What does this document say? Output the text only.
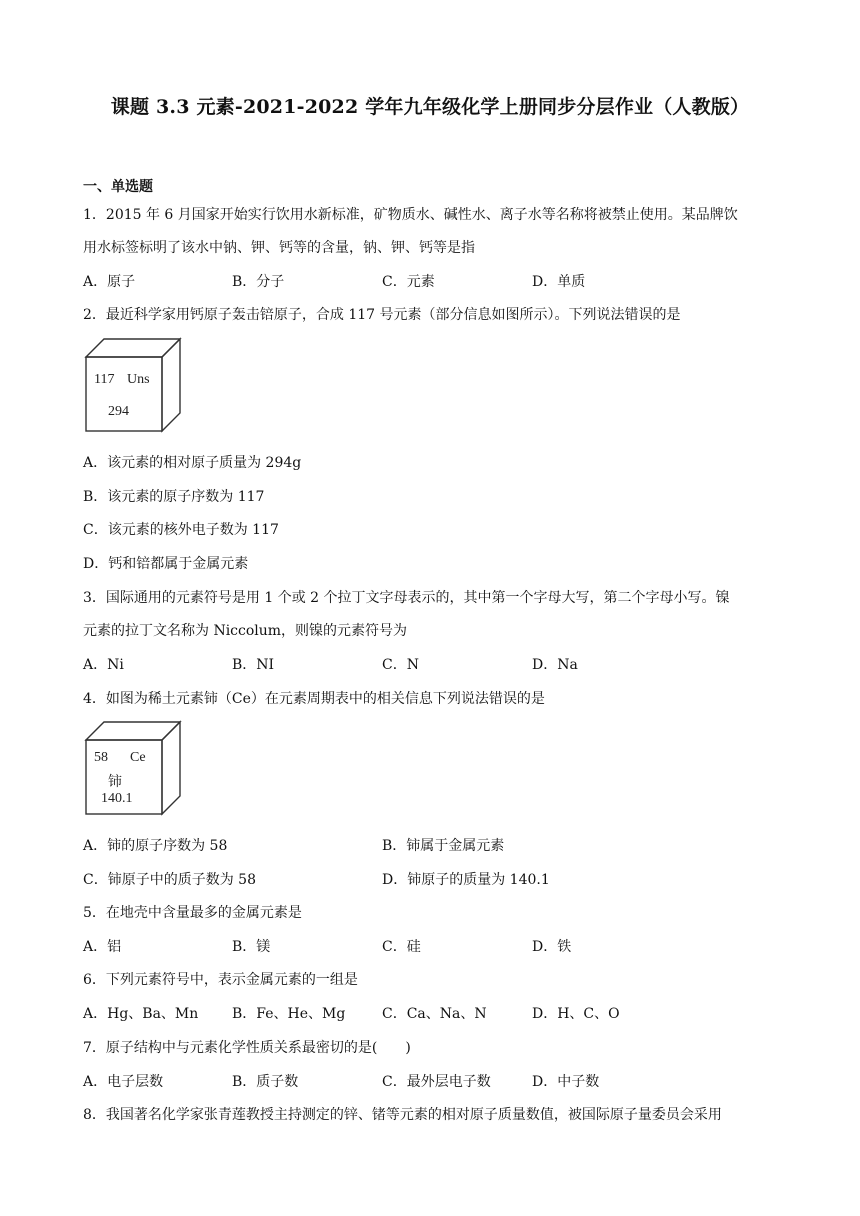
课题 3.3 元素-2021-2022 学年九年级化学上册同步分层作业（人教版）
一、单选题
1．2015 年 6 月国家开始实行饮用水新标准，矿物质水、碱性水、离子水等名称将被禁止使用。某品牌饮
用水标签标明了该水中钠、钾、钙等的含量，钠、钾、钙等是指
A．原子	B．分子	C．元素	D．单质
2．最近科学家用钙原子轰击锫原子，合成 117 号元素（部分信息如图所示）。下列说法错误的是
117 Uns
294
A．该元素的相对原子质量为 294g
B．该元素的原子序数为 117
C．该元素的核外电子数为 117
D．钙和锫都属于金属元素
3．国际通用的元素符号是用 1 个或 2 个拉丁文字母表示的，其中第一个字母大写，第二个字母小写。镍
元素的拉丁文名称为 Niccolum，则镍的元素符号为
A．Ni	B．NI	C．N	D．Na
4．如图为稀土元素铈（Ce）在元素周期表中的相关信息下列说法错误的是
58 Ce
铈
140.1
A．铈的原子序数为 58	B．铈属于金属元素
C．铈原子中的质子数为 58	D．铈原子的质量为 140.1
5．在地壳中含量最多的金属元素是
A．铝	B．镁	C．硅	D．铁
6．下列元素符号中，表示金属元素的一组是
A．Hg、Ba、Mn B．Fe、He、Mg	C．Ca、Na、N	D．H、C、O
7．原子结构中与元素化学性质关系最密切的是(　　)
A．电子层数	B．质子数	C．最外层电子数	D．中子数
8．我国著名化学家张青莲教授主持测定的锌、锗等元素的相对原子质量数值，被国际原子量委员会采用
